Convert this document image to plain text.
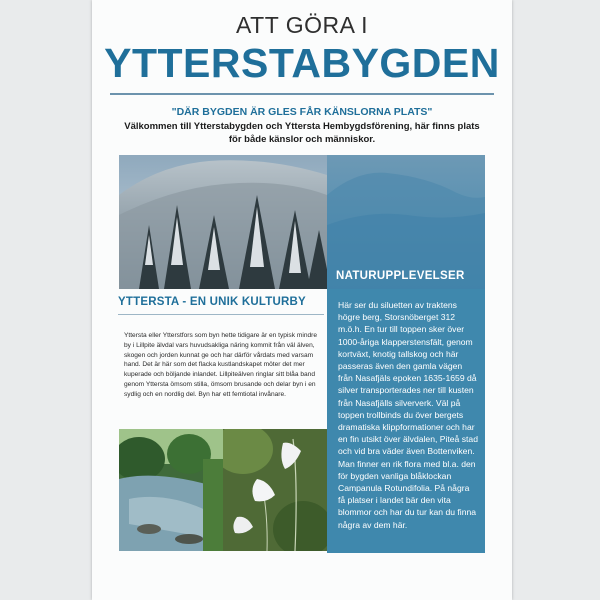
ATT GÖRA I
YTTERSTABYGDEN
"DÄR BYGDEN ÄR GLES FÅR KÄNSLORNA PLATS"
Välkommen till Ytterstabygden och Yttersta Hembygdsförening, här finns plats för både känslor och människor.
NATURUPPLEVELSER
Här ser du siluetten av traktens högre berg, Storsnöberget 312 m.ö.h. En tur till toppen sker över 1000-åriga klapperstensfält, genom kortväxt, knotig tallskog och här passeras även den gamla vägen från Nasafjäls epoken 1635-1659 då silver transporterades ner till kusten från Nasafjälls silververk. Väl på toppen trollbinds du över bergets dramatiska klippformationer och har en fin utsikt över älvdalen, Piteå stad och vid bra väder även Bottenviken. Man finner en rik flora med bl.a. den för bygden vanliga blåklockan Campanula Rotundifolia. På några få platser i landet bär den vita blommor och har du tur kan du finna några av dem här.
YTTERSTA - EN UNIK KULTURBY
Yttersta eller Ytterstfors som byn hette tidigare är en typisk mindre by i Lillpite älvdal vars huvudsakliga näring kommit från väl älven, skogen och jorden kunnat ge och har därför vårdats med varsam hand. Det är här som det flacka kustlandskapet möter det mer kuperade och böljande inlandet. Lillpiteälven ringlar sitt blåa band genom Yttersta ömsom stilla, ömsom brusande och delar byn i en sydlig och en nordlig del. Byn har ett femtiotal invånare.
